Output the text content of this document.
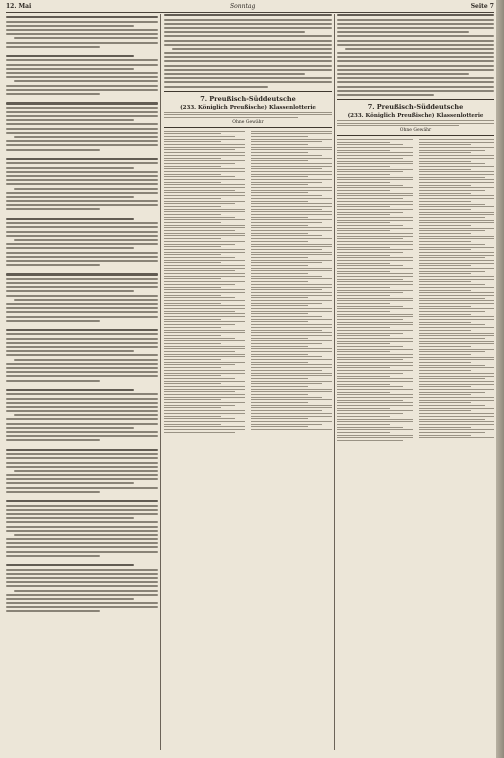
12. Mai	Sonntag	Seite 7
7. Preußisch-Süddeutsche
(233. Königlich Preußische) Klassenlotterie
Ohne Gewähr
7. Preußisch-Süddeutsche
(233. Königlich Preußische) Klassenlotterie
Ohne Gewähr
